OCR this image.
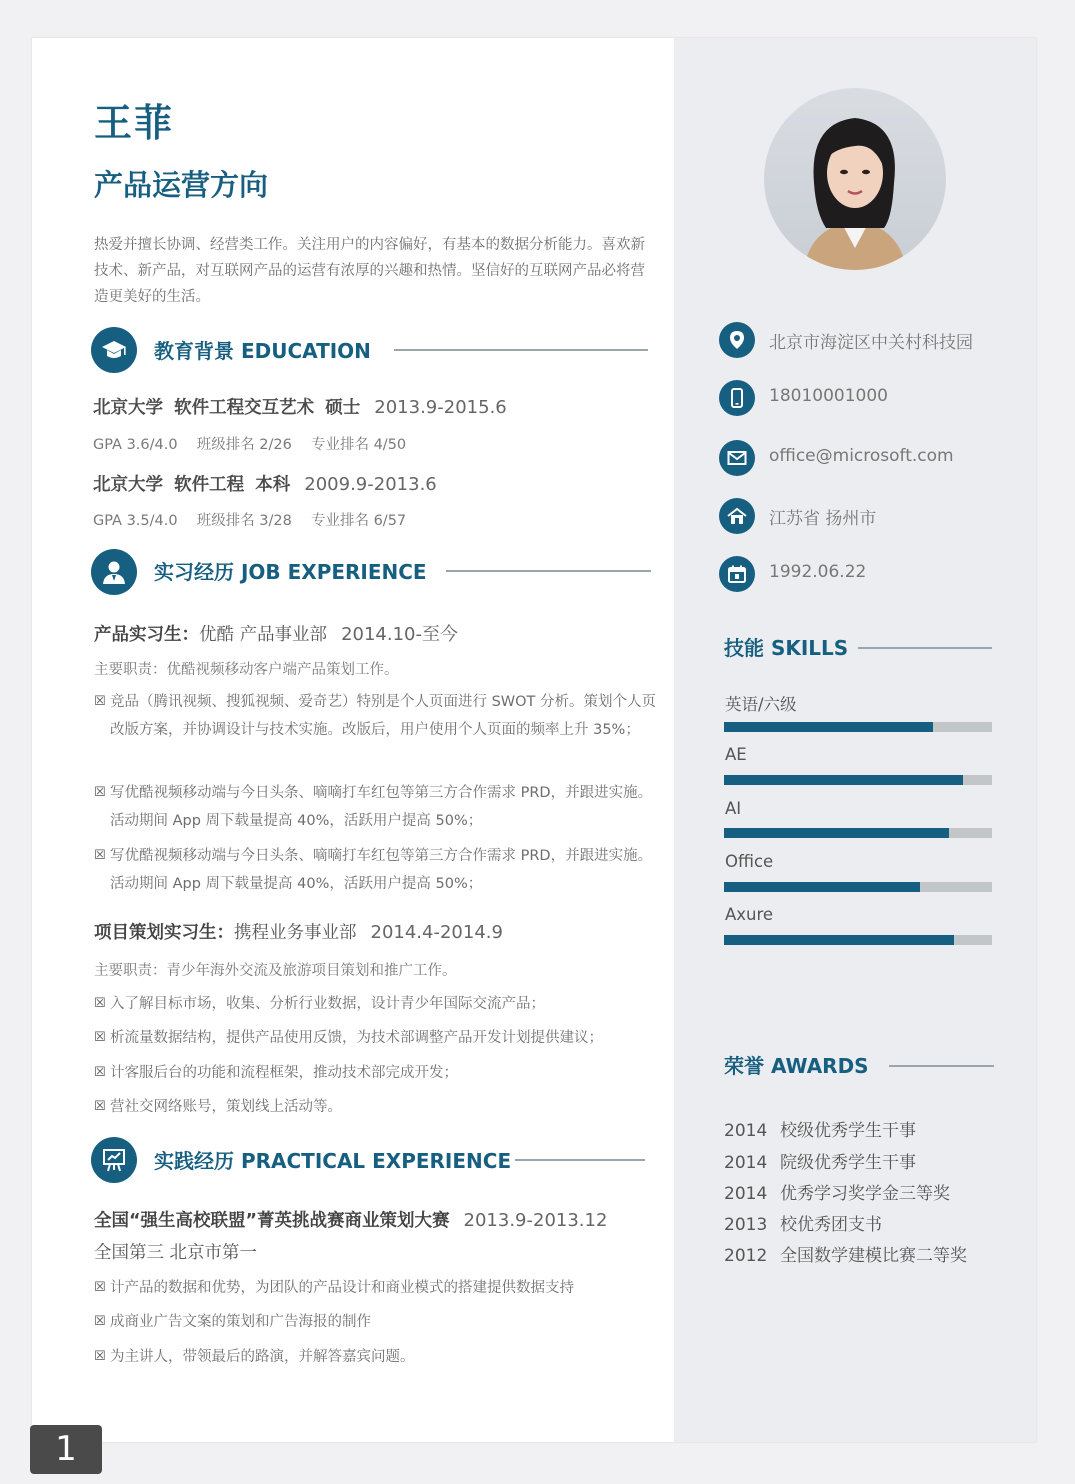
王菲
产品运营方向
热爱并擅长协调、经营类工作。关注用户的内容偏好，有基本的数据分析能力。喜欢新技术、新产品，对互联网产品的运营有浓厚的兴趣和热情。坚信好的互联网产品必将营造更美好的生活。
教育背景 EDUCATION
北京大学 软件工程交互艺术 硕士 2013.9-2015.6
GPA 3.6/4.0　 班级排名 2/26　 专业排名 4/50
北京大学 软件工程 本科 2009.9-2013.6
GPA 3.5/4.0　 班级排名 3/28　 专业排名 6/57
实习经历 JOB EXPERIENCE
产品实习生：优酷 产品事业部 2014.10-至今
主要职责：优酷视频移动客户端产品策划工作。
☒ 竞品（腾讯视频、搜狐视频、爱奇艺）特别是个人页面进行 SWOT 分析。策划个人页改版方案，并协调设计与技术实施。改版后，用户使用个人页面的频率上升 35%；
☒ 写优酷视频移动端与今日头条、嘀嘀打车红包等第三方合作需求 PRD，并跟进实施。活动期间 App 周下载量提高 40%，活跃用户提高 50%；
☒ 写优酷视频移动端与今日头条、嘀嘀打车红包等第三方合作需求 PRD，并跟进实施。活动期间 App 周下载量提高 40%，活跃用户提高 50%；
项目策划实习生：携程业务事业部 2014.4-2014.9
主要职责：青少年海外交流及旅游项目策划和推广工作。
☒ 入了解目标市场，收集、分析行业数据，设计青少年国际交流产品；
☒ 析流量数据结构，提供产品使用反馈，为技术部调整产品开发计划提供建议；
☒ 计客服后台的功能和流程框架，推动技术部完成开发；
☒ 营社交网络账号，策划线上活动等。
实践经历 PRACTICAL EXPERIENCE
全国“强生高校联盟”菁英挑战赛商业策划大赛 2013.9-2013.12
全国第三 北京市第一
☒ 计产品的数据和优势，为团队的产品设计和商业模式的搭建提供数据支持
☒ 成商业广告文案的策划和广告海报的制作
☒ 为主讲人，带领最后的路演，并解答嘉宾问题。
北京市海淀区中关村科技园
18010001000
office@microsoft.com
江苏省 扬州市
1992.06.22
技能 SKILLS
英语/六级
AE
AI
Office
Axure
荣誉 AWARDS
2014 校级优秀学生干事
2014 院级优秀学生干事
2014 优秀学习奖学金三等奖
2013 校优秀团支书
2012 全国数学建模比赛二等奖
1
